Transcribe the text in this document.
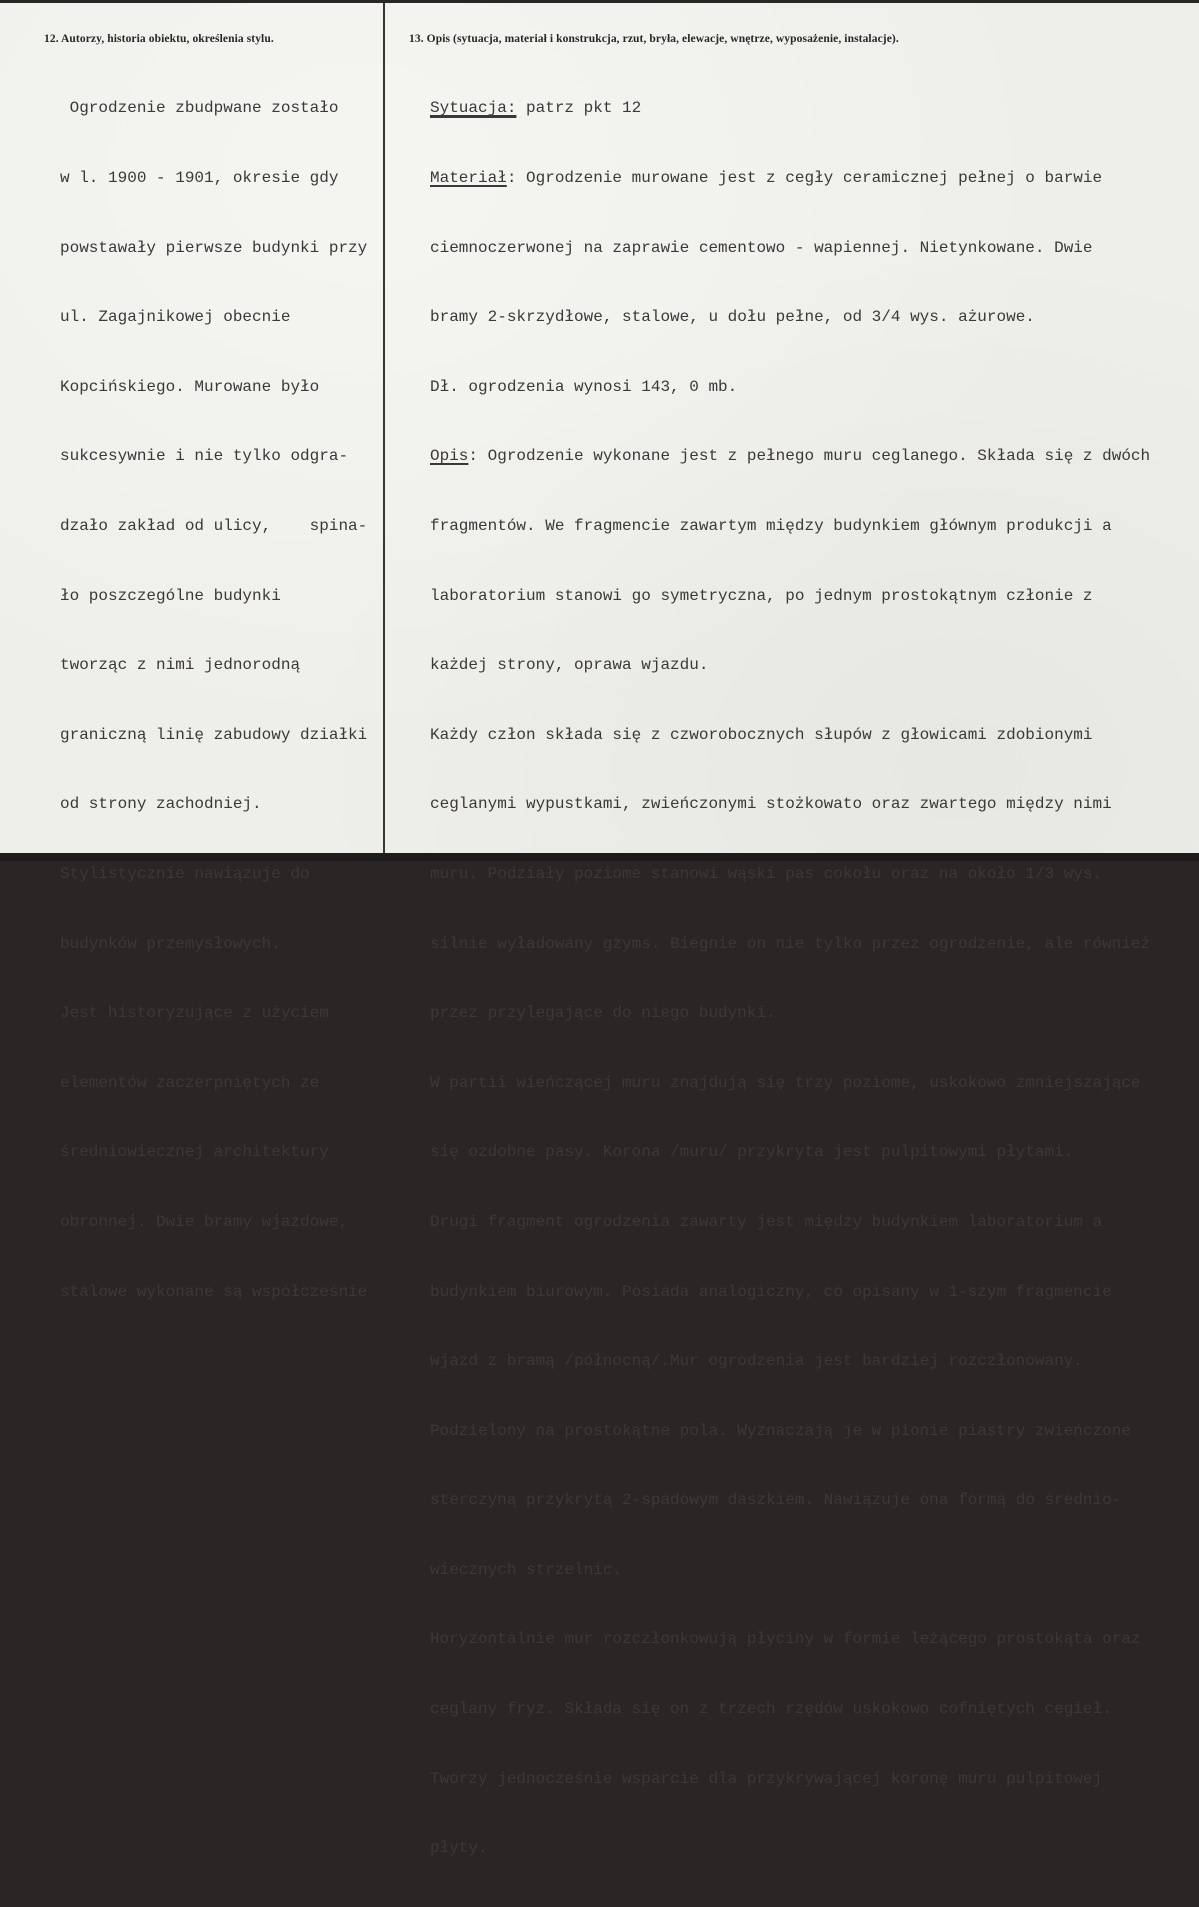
12. Autorzy, historia obiektu, określenia stylu.	13. Opis (sytuacja, materiał i konstrukcja, rzut, bryła, elewacje, wnętrze, wyposażenie, instalacje).

Ogrodzenie zbudpwane zostało

w l. 1900 - 1901, okresie gdy

powstawały pierwsze budynki przy

ul. Zagajnikowej obecnie

Kopcińskiego. Murowane było

sukcesywnie i nie tylko odgra-

dzało zakład od ulicy,    spina-

ło poszczególne budynki

tworząc z nimi jednorodną

graniczną linię zabudowy działki

od strony zachodniej.

Stylistycznie nawiązuje do

budynków przemysłowych.

Jest historyzujące z użyciem

elementów zaczerpniętych ze

średniowiecznej architektury

obronnej. Dwie bramy wjazdowe,

stalowe wykonane są współcześnie

Sytuacja: patrz pkt 12

Materiał: Ogrodzenie murowane jest z cegły ceramicznej pełnej o barwie

ciemnoczerwonej na zaprawie cementowo - wapiennej. Nietynkowane. Dwie

bramy 2-skrzydłowe, stalowe, u dołu pełne, od 3/4 wys. ażurowe.

Dł. ogrodzenia wynosi 143, 0 mb.

Opis: Ogrodzenie wykonane jest z pełnego muru ceglanego. Składa się z dwóch

fragmentów. We fragmencie zawartym między budynkiem głównym produkcji a

laboratorium stanowi go symetryczna, po jednym prostokątnym członie z

każdej strony, oprawa wjazdu.

Każdy człon składa się z czworobocznych słupów z głowicami zdobionymi

ceglanymi wypustkami, zwieńczonymi stożkowato oraz zwartego między nimi

muru. Podziały poziome stanowi wąski pas cokołu oraz na około 1/3 wys.

silnie wyładowany gzyms. Biegnie on nie tylko przez ogrodzenie, ale również

przez przylegające do niego budynki.

W partii wieńczącej muru znajdują się trzy poziome, uskokowo zmniejszające

się ozdobne pasy. Korona /muru/ przykryta jest pulpitowymi płytami.

Drugi fragment ogrodzenia zawarty jest między budynkiem laboratorium a

budynkiem biurowym. Posiada analogiczny, co opisany w 1-szym fragmencie

wjazd z bramą /północną/.Mur ogrodzenia jest bardziej rozczłonowany.

Podzielony na prostokątne pola. Wyznaczają je w pionie piastry zwieńczone

sterczyną przykrytą 2-spadowym daszkiem. Nawiązuje ona formą do średnio-

wiecznych strzelnic.

Horyzontalnie mur rozczłonkowują płyciny w formie leżącego prostokąta oraz

ceglany fryz. Składa się on z trzech rzędów uskokowo cofniętych cegieł.

Tworzy jednocześnie wsparcie dla przykrywającej koronę muru pulpitowej

płyty.
